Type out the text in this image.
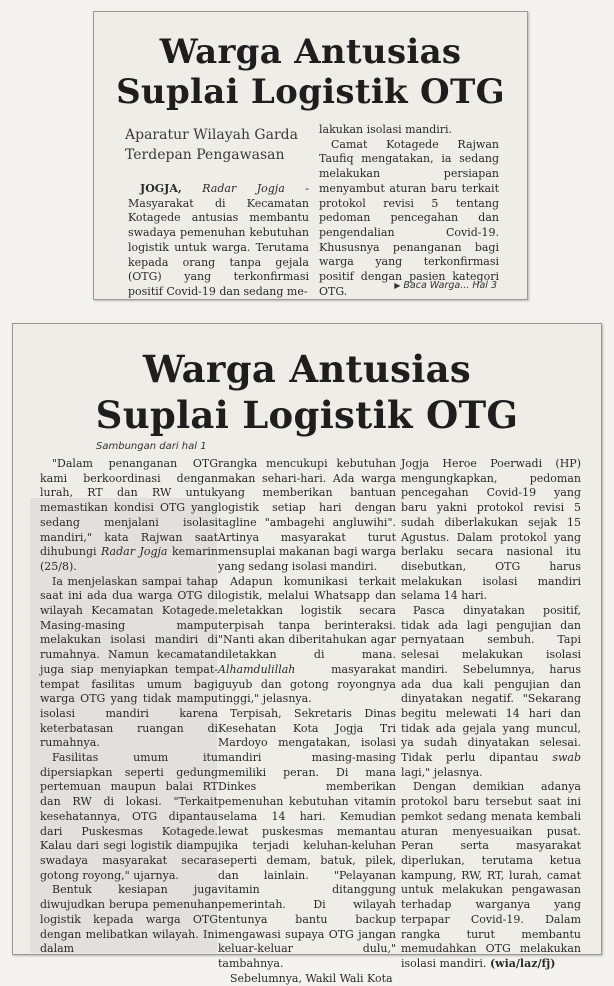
Warga Antusias
Suplai Logistik OTG
Aparatur Wilayah Garda Terdepan Pengawasan

JOGJA, Radar Jogja - Masyarakat di Kecamatan Kotagede antusias membantu swadaya pemenuhan kebutuhan logistik untuk warga. Terutama kepada orang tanpa gejala (OTG) yang terkonfirmasi positif Covid-19 dan sedang me-

lakukan isolasi mandiri.

Camat Kotagede Rajwan Taufiq mengatakan, ia sedang melakukan persiapan menyambut aturan baru terkait protokol revisi 5 tentang pedoman pencegahan dan pengendalian Covid-19. Khususnya penanganan bagi warga yang terkonfirmasi positif dengan pasien kategori OTG.	▶ Baca Warga... Hal 3
Warga Antusias
Suplai Logistik OTG
Sambungan dari hal 1

"Dalam penanganan OTG kami berkoordinasi dengan lurah, RT dan RW untuk memastikan kondisi OTG yang sedang menjalani isolasi mandiri," kata Rajwan saat dihubungi Radar Jogja kemarin (25/8).

Ia menjelaskan sampai tahap saat ini ada dua warga OTG di wilayah Kecamatan Kotagede. Masing-masing mampu melakukan isolasi mandiri di rumahnya. Namun kecamatan juga siap menyiapkan tempat-tempat fasilitas umum bagi warga OTG yang tidak mampu isolasi mandiri karena keterbatasan ruangan di rumahnya.

Fasilitas umum itu dipersiapkan seperti gedung pertemuan maupun balai RT dan RW di lokasi. "Terkait kesehatannya, OTG dipantau dari Puskesmas Kotagede. Kalau dari segi logistik diampu swadaya masyarakat secara gotong royong," ujarnya.

Bentuk kesiapan juga diwujudkan berupa pemenuhan logistik kepada warga OTG dengan melibatkan wilayah. Ini dalam

rangka mencukupi kebutuhan makan sehari-hari. Ada warga yang memberikan bantuan logistik setiap hari dengan tagline "ambagehi angluwihi". Artinya masyarakat turut mensuplai makanan bagi warga yang sedang isolasi mandiri.

Adapun komunikasi terkait logistik, melalui Whatsapp dan meletakkan logistik secara terpisah tanpa berinteraksi. "Nanti akan diberitahukan agar diletakkan di mana. Alhamdulillah masyarakat guyub dan gotong royongnya tinggi," jelasnya.

Terpisah, Sekretaris Dinas Kesehatan Kota Jogja Tri Mardoyo mengatakan, isolasi mandiri masing-masing memiliki peran. Di mana Dinkes memberikan pemenuhan kebutuhan vitamin selama 14 hari. Kemudian lewat puskesmas memantau jika terjadi keluhan-keluhan seperti demam, batuk, pilek, dan lainlain. "Pelayanan vitamin ditanggung pemerintah. Di wilayah tentunya bantu backup mengawasi supaya OTG jangan keluar-keluar dulu," tambahnya.

Sebelumnya, Wakil Wali Kota

Jogja Heroe Poerwadi (HP) mengungkapkan, pedoman pencegahan Covid-19 yang baru yakni protokol revisi 5 sudah diberlakukan sejak 15 Agustus. Dalam protokol yang berlaku secara nasional itu disebutkan, OTG harus melakukan isolasi mandiri selama 14 hari.

Pasca dinyatakan positif, tidak ada lagi pengujian dan pernyataan sembuh. Tapi selesai melakukan isolasi mandiri. Sebelumnya, harus ada dua kali pengujian dan dinyatakan negatif. "Sekarang begitu melewati 14 hari dan tidak ada gejala yang muncul, ya sudah dinyatakan selesai. Tidak perlu dipantau swab lagi," jelasnya.

Dengan demikian adanya protokol baru tersebut saat ini pemkot sedang menata kembali aturan menyesuaikan pusat. Peran serta masyarakat diperlukan, terutama ketua kampung, RW, RT, lurah, camat untuk melakukan pengawasan terhadap warganya yang terpapar Covid-19. Dalam rangka turut membantu memudahkan OTG melakukan isolasi mandiri. (wia/laz/fj)
